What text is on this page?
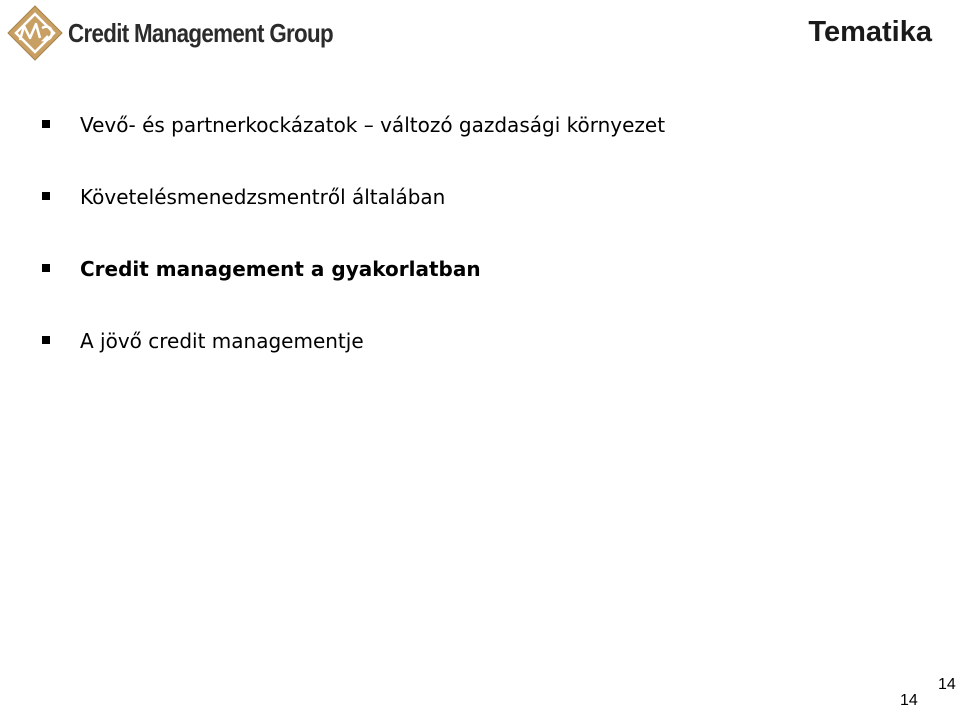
Credit Management Group	Tematika
Vevő- és partnerkockázatok – változó gazdasági környezet
Követelésmenedzsmentről általában
Credit management a gyakorlatban
A jövő credit managementje
14
14
